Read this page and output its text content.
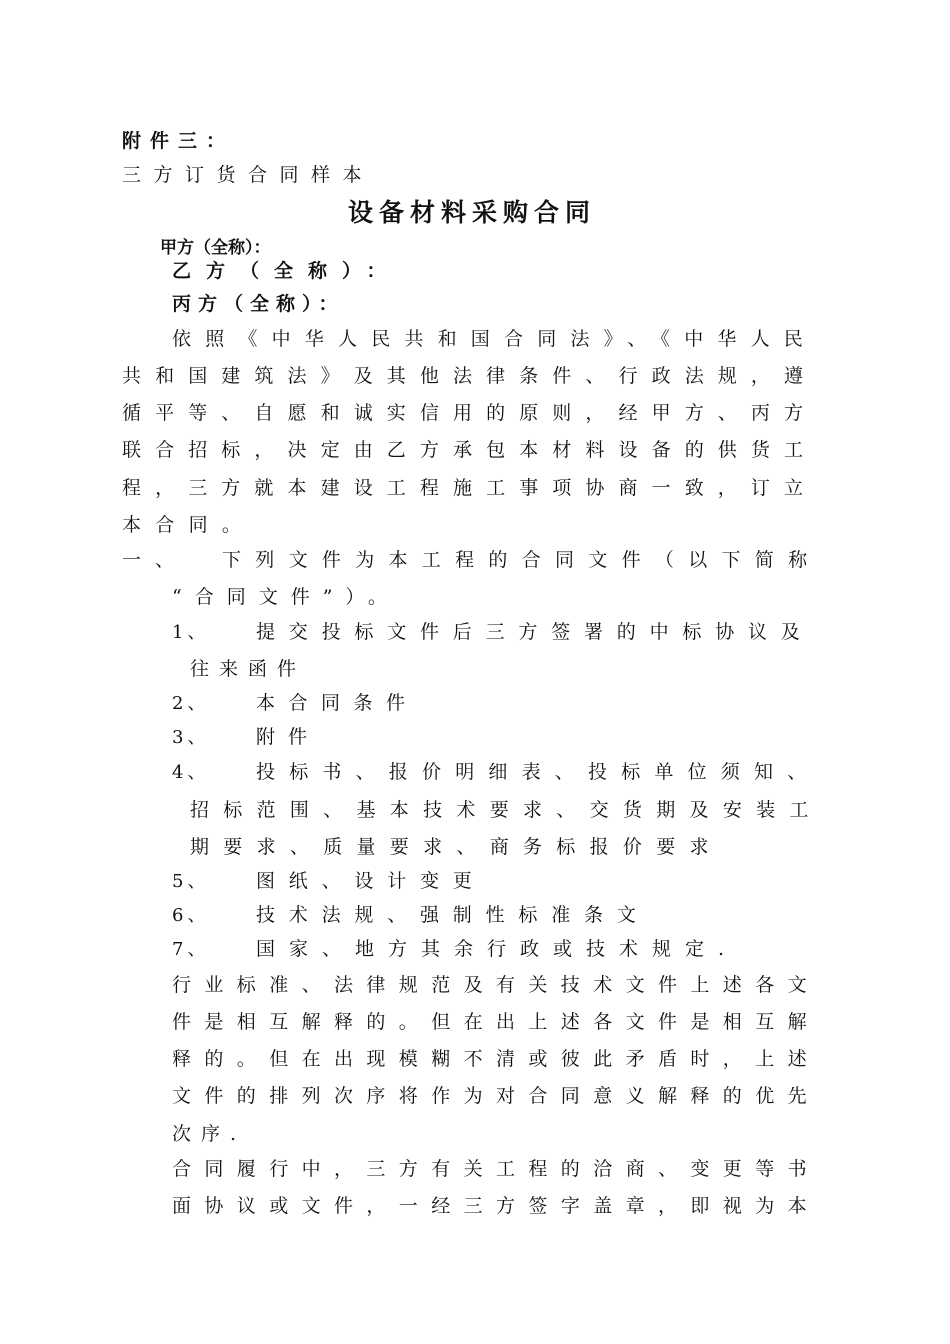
附件三：
三方订货合同样本
设备材料采购合同
甲方（全称）：
乙方（全称）：
丙方（全称）：
依照《中华人民共和国合同法》、《中华人民
共和国建筑法》及其他法律条件、行政法规，遵
循平等、自愿和诚实信用的原则，经甲方、丙方
联合招标，决定由乙方承包本材料设备的供货工
程，三方就本建设工程施工事项协商一致，订立
本合同。
一、 下列文件为本工程的合同文件（以下简称
“合同文件”）。
1、 提交投标文件后三方签署的中标协议及
往来函件
2、 本合同条件
3、 附件
4、 投标书、报价明细表、投标单位须知、
招标范围、基本技术要求、交货期及安装工
期要求、质量要求、商务标报价要求
5、 图纸、设计变更
6、 技术法规、强制性标准条文
7、 国家、地方其余行政或技术规定.
行业标准、法律规范及有关技术文件上述各文
件是相互解释的。但在出上述各文件是相互解
释的。但在出现模糊不清或彼此矛盾时，上述
文件的排列次序将作为对合同意义解释的优先
次序.
合同履行中，三方有关工程的洽商、变更等书
面协议或文件，一经三方签字盖章，即视为本
